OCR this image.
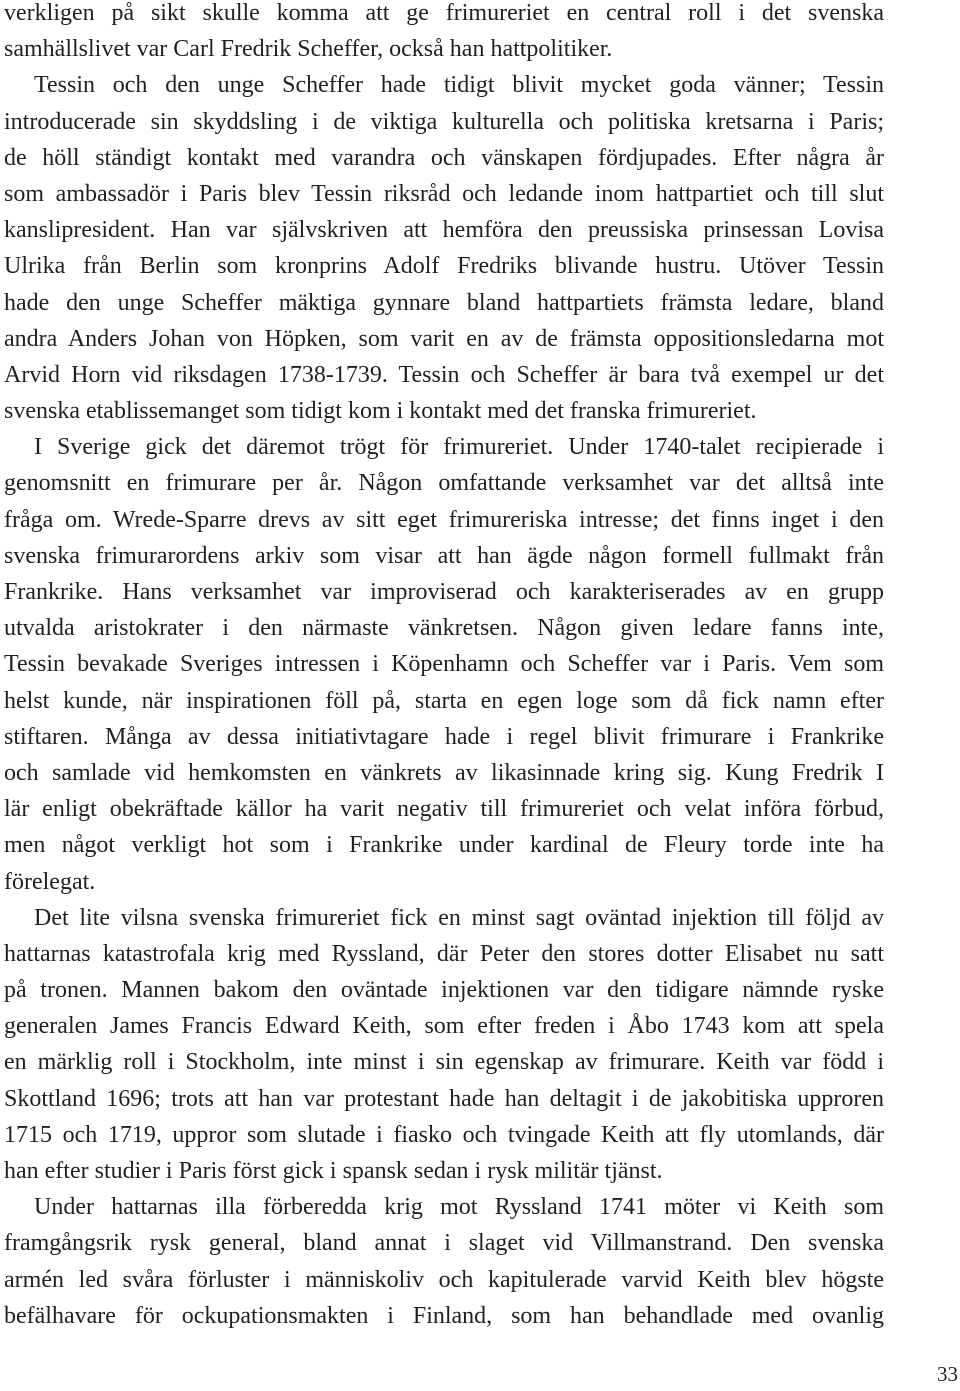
verkligen på sikt skulle komma att ge frimureriet en central roll i det svenska
samhällslivet var Carl Fredrik Scheffer, också han hattpolitiker.
Tessin och den unge Scheffer hade tidigt blivit mycket goda vänner; Tessin
introducerade sin skyddsling i de viktiga kulturella och politiska kretsarna i Paris;
de höll ständigt kontakt med varandra och vänskapen fördjupades. Efter några år
som ambassadör i Paris blev Tessin riksråd och ledande inom hattpartiet och till slut
kanslipresident. Han var självskriven att hemföra den preussiska prinsessan Lovisa
Ulrika från Berlin som kronprins Adolf Fredriks blivande hustru. Utöver Tessin
hade den unge Scheffer mäktiga gynnare bland hattpartiets främsta ledare, bland
andra Anders Johan von Höpken, som varit en av de främsta oppositionsledarna mot
Arvid Horn vid riksdagen 1738-1739. Tessin och Scheffer är bara två exempel ur det
svenska etablissemanget som tidigt kom i kontakt med det franska frimureriet.
I Sverige gick det däremot trögt för frimureriet. Under 1740-talet recipierade i
genomsnitt en frimurare per år. Någon omfattande verksamhet var det alltså inte
fråga om. Wrede-Sparre drevs av sitt eget frimureriska intresse; det finns inget i den
svenska frimurarordens arkiv som visar att han ägde någon formell fullmakt från
Frankrike. Hans verksamhet var improviserad och karakteriserades av en grupp
utvalda aristokrater i den närmaste vänkretsen. Någon given ledare fanns inte,
Tessin bevakade Sveriges intressen i Köpenhamn och Scheffer var i Paris. Vem som
helst kunde, när inspirationen föll på, starta en egen loge som då fick namn efter
stiftaren. Många av dessa initiativtagare hade i regel blivit frimurare i Frankrike
och samlade vid hemkomsten en vänkrets av likasinnade kring sig. Kung Fredrik I
lär enligt obekräftade källor ha varit negativ till frimureriet och velat införa förbud,
men något verkligt hot som i Frankrike under kardinal de Fleury torde inte ha
förelegat.
Det lite vilsna svenska frimureriet fick en minst sagt oväntad injektion till följd av
hattarnas katastrofala krig med Ryssland, där Peter den stores dotter Elisabet nu satt
på tronen. Mannen bakom den oväntade injektionen var den tidigare nämnde ryske
generalen James Francis Edward Keith, som efter freden i Åbo 1743 kom att spela
en märklig roll i Stockholm, inte minst i sin egenskap av frimurare. Keith var född i
Skottland 1696; trots att han var protestant hade han deltagit i de jakobitiska upproren
1715 och 1719, uppror som slutade i fiasko och tvingade Keith att fly utomlands, där
han efter studier i Paris först gick i spansk sedan i rysk militär tjänst.
Under hattarnas illa förberedda krig mot Ryssland 1741 möter vi Keith som
framgångsrik rysk general, bland annat i slaget vid Villmanstrand. Den svenska
armén led svåra förluster i människoliv och kapitulerade varvid Keith blev högste
befälhavare för ockupationsmakten i Finland, som han behandlade med ovanlig
33
